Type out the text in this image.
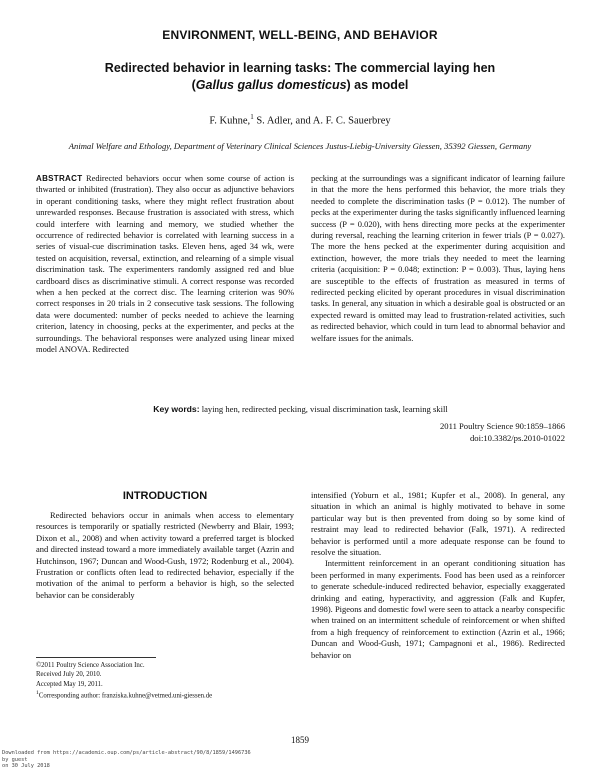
ENVIRONMENT, WELL-BEING, AND BEHAVIOR
Redirected behavior in learning tasks: The commercial laying hen
(Gallus gallus domesticus) as model
F. Kuhne,$^1$ S. Adler, and A. F. C. Sauerbrey
Animal Welfare and Ethology, Department of Veterinary Clinical Sciences Justus-Liebig-University Giessen, 35392 Giessen, Germany
ABSTRACT Redirected behaviors occur when some course of action is thwarted or inhibited (frustration). They also occur as adjunctive behaviors in operant conditioning tasks, where they might reflect frustration about unrewarded responses. Because frustration is associated with stress, which could interfere with learning and memory, we studied whether the occurrence of redirected behavior is correlated with learning success in a series of visual-cue discrimination tasks. Eleven hens, aged 34 wk, were tested on acquisition, reversal, extinction, and relearning of a simple visual discrimination task. The experimenters randomly assigned red and blue cardboard discs as discriminative stimuli. A correct response was recorded when a hen pecked at the correct disc. The learning criterion was 90% correct responses in 20 trials in 2 consecutive task sessions. The following data were documented: number of pecks needed to achieve the learning criterion, latency in choosing, pecks at the experimenter, and pecks at the surroundings. The behavioral responses were analyzed using linear mixed model ANOVA. Redirected
pecking at the surroundings was a significant indicator of learning failure in that the more the hens performed this behavior, the more trials they needed to complete the discrimination tasks (P = 0.012). The number of pecks at the experimenter during the tasks significantly influenced learning success (P = 0.020), with hens directing more pecks at the experimenter during reversal, reaching the learning criterion in fewer trials (P = 0.027). The more the hens pecked at the experimenter during acquisition and extinction, however, the more trials they needed to meet the learning criteria (acquisition: P = 0.048; extinction: P = 0.003). Thus, laying hens are susceptible to the effects of frustration as measured in terms of redirected pecking elicited by operant procedures in visual discrimination tasks. In general, any situation in which a desirable goal is obstructed or an expected reward is omitted may lead to frustration-related activities, such as redirected behavior, which could in turn lead to abnormal behavior and welfare issues for the animals.
Key words: laying hen, redirected pecking, visual discrimination task, learning skill
2011 Poultry Science 90:1859–1866
doi:10.3382/ps.2010-01022
INTRODUCTION
Redirected behaviors occur in animals when access to elementary resources is temporarily or spatially restricted (Newberry and Blair, 1993; Dixon et al., 2008) and when activity toward a preferred target is blocked and directed instead toward a more immediately available target (Azrin and Hutchinson, 1967; Duncan and Wood-Gush, 1972; Rodenburg et al., 2004). Frustration or conflicts often lead to redirected behavior, especially if the motivation of the animal to perform a behavior is high, so the selected behavior can be considerably

intensified (Yoburn et al., 1981; Kupfer et al., 2008). In general, any situation in which an animal is highly motivated to behave in some particular way but is then prevented from doing so by some kind of restraint may lead to redirected behavior (Falk, 1971). A redirected behavior is performed until a more adequate response can be found to resolve the situation.

Intermittent reinforcement in an operant conditioning situation has been performed in many experiments. Food has been used as a reinforcer to generate schedule-induced redirected behavior, especially exaggerated drinking and eating, hyperactivity, and aggression (Falk and Kupfer, 1998). Pigeons and domestic fowl were seen to attack a nearby conspecific when trained on an intermittent schedule of reinforcement or when shifted from a high frequency of reinforcement to extinction (Azrin et al., 1966; Duncan and Wood-Gush, 1971; Campagnoni et al., 1986). Redirected behavior on

©2011 Poultry Science Association Inc.
Received July 20, 2010.
Accepted May 19, 2011.
$^1$Corresponding author: franziska.kuhne@vetmed.uni-giessen.de
1859
Downloaded from https://academic.oup.com/ps/article-abstract/90/8/1859/1496736
by guest
on 30 July 2018
